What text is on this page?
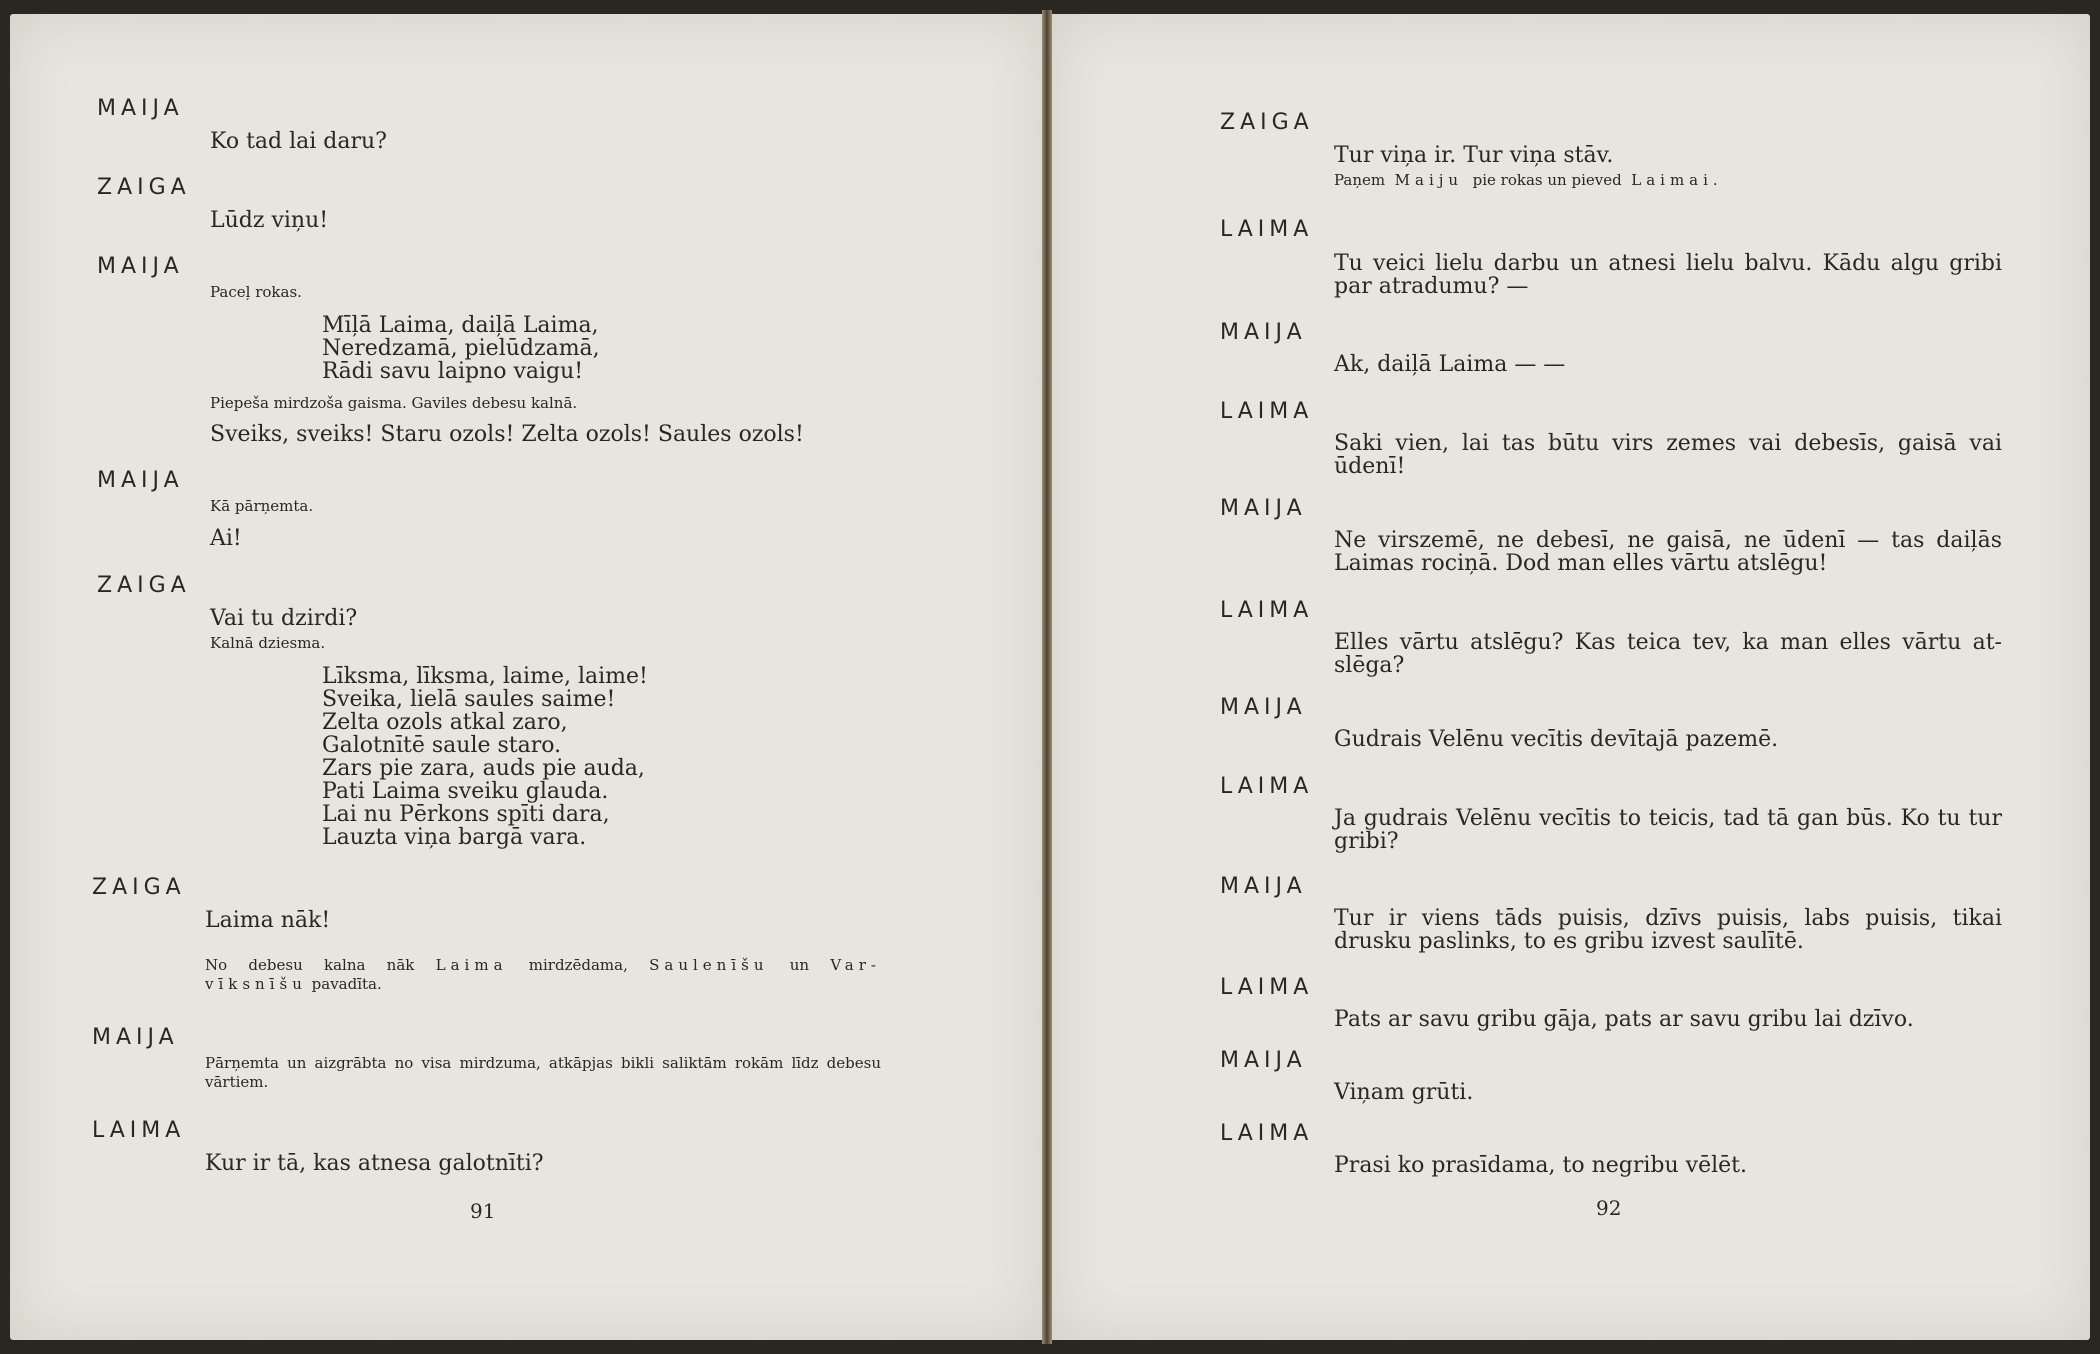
MAIJA
Ko tad lai daru?
ZAIGA
Lūdz viņu!
MAIJA
Paceļ rokas.
Mīļā Laima, daiļā Laima,
Neredzamā, pielūdzamā,
Rādi savu laipno vaigu!
Piepeša mirdzoša gaisma. Gaviles debesu kalnā.
Sveiks, sveiks! Staru ozols! Zelta ozols! Saules ozols!
MAIJA
Kā pārņemta.
Ai!
ZAIGA
Vai tu dzirdi?
Kalnā dziesma.
Līksma, līksma, laime, laime!
Sveika, lielā saules saime!
Zelta ozols atkal zaro,
Galotnītē saule staro.
Zars pie zara, auds pie auda,
Pati Laima sveiku glauda.
Lai nu Pērkons spīti dara,
Lauzta viņa bargā vara.
ZAIGA
Laima nāk!
No debesu kalna nāk Laima mirdzēdama, Saulenīšu un Var-
vīksnīšu pavadīta.
MAIJA
Pārņemta un aizgrābta no visa mirdzuma, atkāpjas bikli saliktām rokām līdz debesu vārtiem.
LAIMA
Kur ir tā, kas atnesa galotnīti?
91
ZAIGA
Tur viņa ir. Tur viņa stāv.
Paņem Maiju pie rokas un pieved Laimai.
LAIMA
Tu veici lielu darbu un atnesi lielu balvu. Kādu algu gribi par atradumu? —
MAIJA
Ak, daiļā Laima — —
LAIMA
Saki vien, lai tas būtu virs zemes vai debesīs, gaisā vai ūdenī!
MAIJA
Ne virszemē, ne debesī, ne gaisā, ne ūdenī — tas daiļās Laimas rociņā. Dod man elles vārtu atslēgu!
LAIMA
Elles vārtu atslēgu? Kas teica tev, ka man elles vārtu at-slēga?
MAIJA
Gudrais Velēnu vecītis devītajā pazemē.
LAIMA
Ja gudrais Velēnu vecītis to teicis, tad tā gan būs. Ko tu tur gribi?
MAIJA
Tur ir viens tāds puisis, dzīvs puisis, labs puisis, tikai drusku paslinks, to es gribu izvest saulītē.
LAIMA
Pats ar savu gribu gāja, pats ar savu gribu lai dzīvo.
MAIJA
Viņam grūti.
LAIMA
Prasi ko prasīdama, to negribu vēlēt.
92
